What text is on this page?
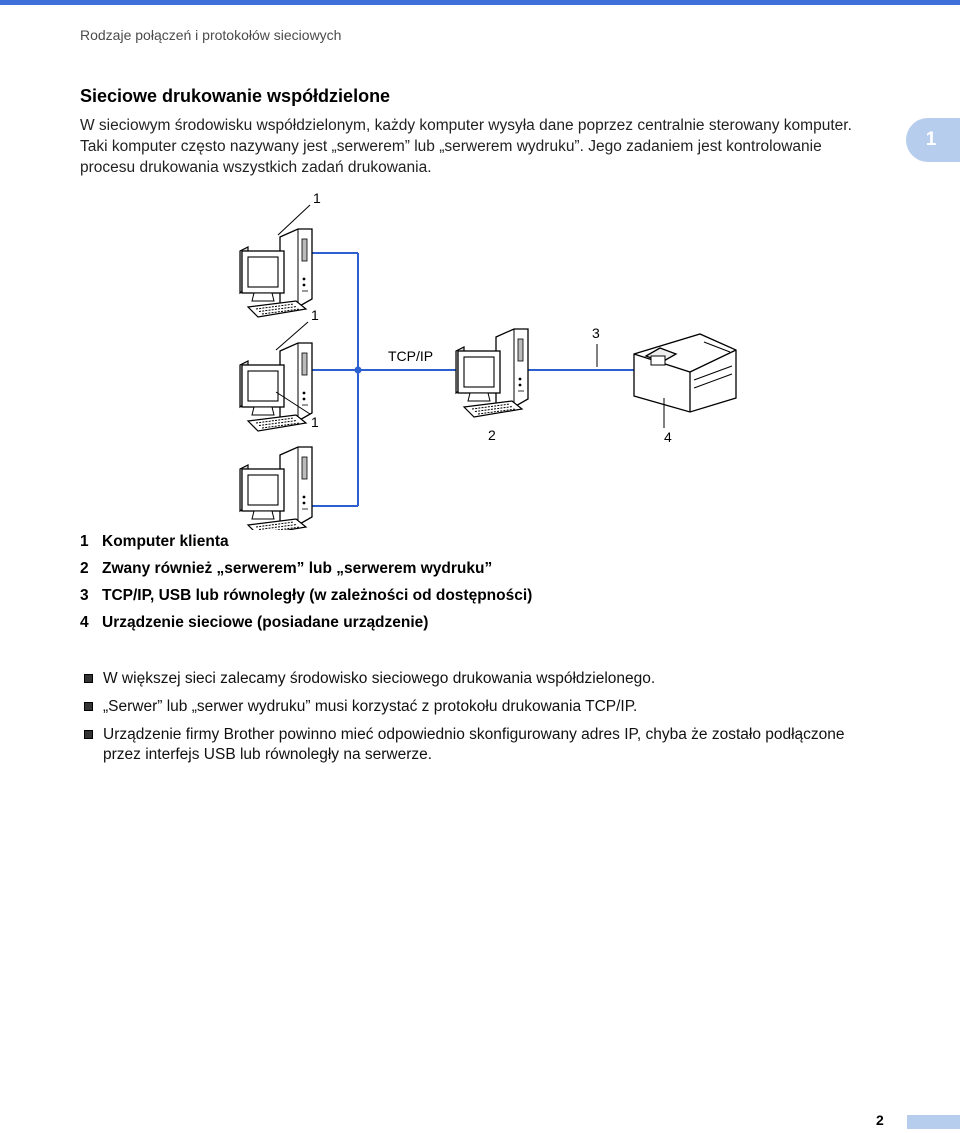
Rodzaje połączeń i protokołów sieciowych
Sieciowe drukowanie współdzielone

W sieciowym środowisku współdzielonym, każdy komputer wysyła dane poprzez centralnie sterowany komputer. Taki komputer często nazywany jest „serwerem” lub „serwerem wydruku”. Jego zadaniem jest kontrolowanie procesu drukowania wszystkich zadań drukowania.

1
1
1
1
2
3
4
TCP/IP
1 Komputer klienta
2 Zwany również „serwerem” lub „serwerem wydruku”
3 TCP/IP, USB lub równoległy (w zależności od dostępności)
4 Urządzenie sieciowe (posiadane urządzenie)
W większej sieci zalecamy środowisko sieciowego drukowania współdzielonego.
„Serwer” lub „serwer wydruku” musi korzystać z protokołu drukowania TCP/IP.
Urządzenie firmy Brother powinno mieć odpowiednio skonfigurowany adres IP, chyba że zostało podłączone przez interfejs USB lub równoległy na serwerze.
2
